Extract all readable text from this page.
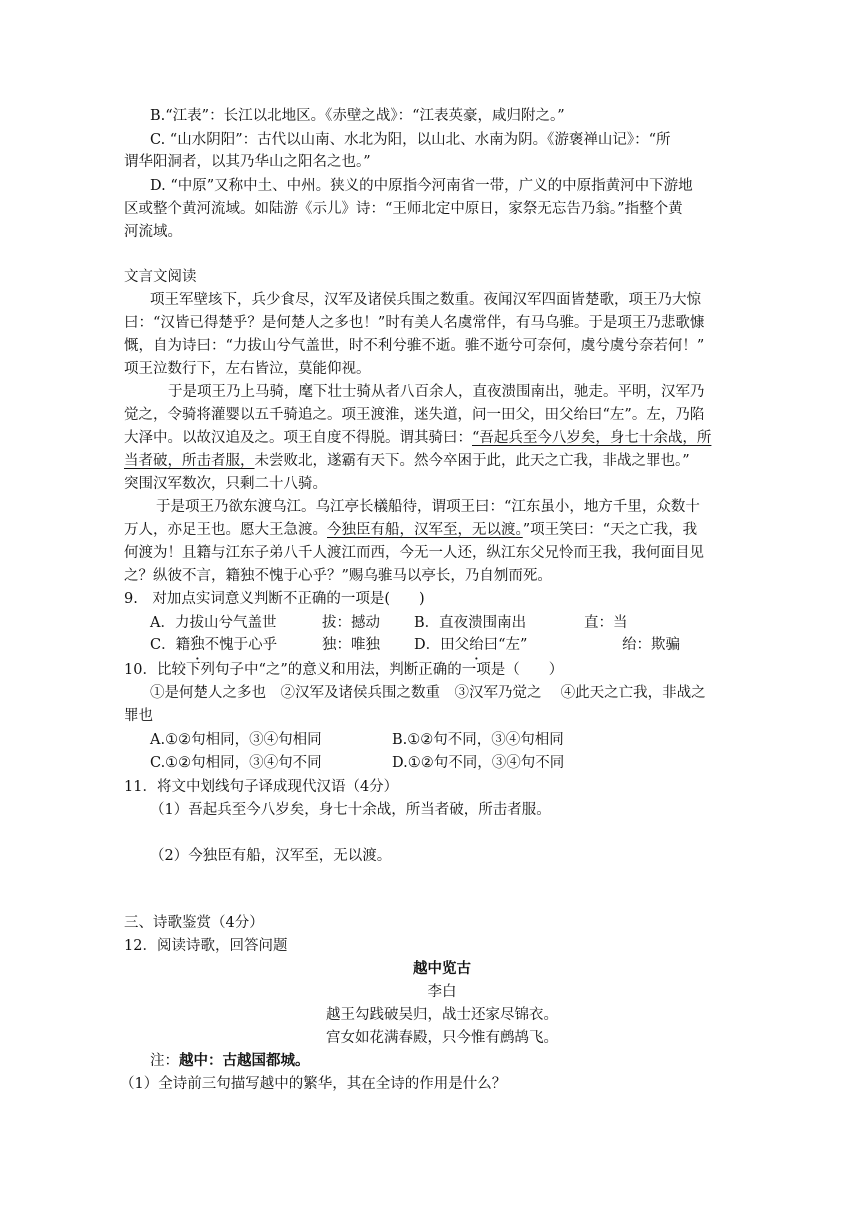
B.“江表”：长江以北地区。《赤壁之战》：“江表英豪，咸归附之。”
C. “山水阴阳”：古代以山南、水北为阳，以山北、水南为阴。《游褒禅山记》：“所
谓华阳洞者，以其乃华山之阳名之也。”
D. “中原”又称中土、中州。狭义的中原指今河南省一带，广义的中原指黄河中下游地
区或整个黄河流域。如陆游《示儿》诗：“王师北定中原日，家祭无忘告乃翁。”指整个黄
河流域。
文言文阅读
项王军壁垓下，兵少食尽，汉军及诸侯兵围之数重。夜闻汉军四面皆楚歌，项王乃大惊
曰：“汉皆已得楚乎？是何楚人之多也！”时有美人名虞常伴，有马乌骓。于是项王乃悲歌慷
慨，自为诗曰：“力拔山兮气盖世，时不利兮骓不逝。骓不逝兮可奈何，虞兮虞兮奈若何！”
项王泣数行下，左右皆泣，莫能仰视。
于是项王乃上马骑，麾下壮士骑从者八百余人，直夜溃围南出，驰走。平明，汉军乃
觉之，令骑将灌婴以五千骑追之。项王渡淮，迷失道，问一田父，田父绐曰“左”。左，乃陷
大泽中。以故汉追及之。项王自度不得脱。谓其骑曰：“吾起兵至今八岁矣，身七十余战，所
当者破，所击者服，未尝败北，遂霸有天下。然今卒困于此，此天之亡我，非战之罪也。”
突围汉军数次，只剩二十八骑。
于是项王乃欲东渡乌江。乌江亭长檥船待，谓项王曰：“江东虽小，地方千里，众数十
万人，亦足王也。愿大王急渡。今独臣有船，汉军至，无以渡。”项王笑曰：“天之亡我，我
何渡为！且籍与江东子弟八千人渡江而西，今无一人还，纵江东父兄怜而王我，我何面目见
之？纵彼不言，籍独不愧于心乎？”赐乌骓马以亭长，乃自刎而死。
9.　对加点实词意义判断不正确的一项是(　　)
A．力拔山兮气盖世	拔：撼动 B．直夜溃围南出	直：当
C．籍独不愧于心乎	独：唯独 D．田父绐曰“左”	绐：欺骗
10．比较下列句子中“之”的意义和用法，判断正确的一项是（　　）
①是何楚人之多也　②汉军及诸侯兵围之数重　③汉军乃觉之　 ④此天之亡我，非战之
罪也
A.①②句相同，③④句相同	B.①②句不同，③④句相同
C.①②句相同，③④句不同	D.①②句不同，③④句不同
11．将文中划线句子译成现代汉语（4分）
（1）吾起兵至今八岁矣，身七十余战，所当者破，所击者服。
（2）今独臣有船，汉军至，无以渡。
三、诗歌鉴赏（4分）
12．阅读诗歌，回答问题
越中览古
李白
越王勾践破吴归，战士还家尽锦衣。
宫女如花满春殿，只今惟有鹧鸪飞。
注：越中：古越国都城。
（1）全诗前三句描写越中的繁华，其在全诗的作用是什么？
